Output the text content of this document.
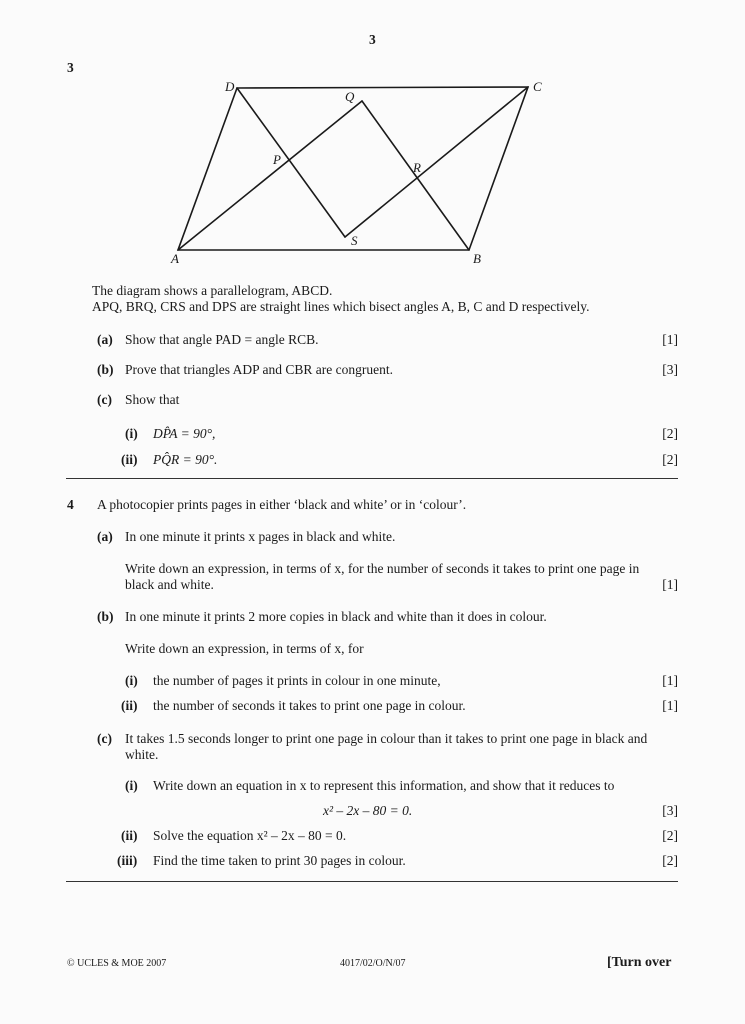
3
3
A	B
C
D
P
Q
R
S
The diagram shows a parallelogram, ABCD.
APQ, BRQ, CRS and DPS are straight lines which bisect angles A, B, C and D respectively.
(a) Show that angle PAD = angle RCB.	[1]
(b) Prove that triangles ADP and CBR are congruent.	[3]
(c) Show that
(i) DP̂A = 90°,	[2]
(ii) PQ̂R = 90°.	[2]
4 A photocopier prints pages in either ‘black and white’ or in ‘colour’.
(a) In one minute it prints x pages in black and white.
Write down an expression, in terms of x, for the number of seconds it takes to print one page in
black and white.	[1]
(b) In one minute it prints 2 more copies in black and white than it does in colour.
Write down an expression, in terms of x, for
(i) the number of pages it prints in colour in one minute,	[1]
(ii) the number of seconds it takes to print one page in colour.	[1]
(c) It takes 1.5 seconds longer to print one page in colour than it takes to print one page in black and
white.
(i) Write down an equation in x to represent this information, and show that it reduces to
x² – 2x – 80 = 0.	[3]
(ii) Solve the equation x² – 2x – 80 = 0.	[2]
(iii) Find the time taken to print 30 pages in colour.	[2]
© UCLES & MOE 2007	4017/02/O/N/07	[Turn over
